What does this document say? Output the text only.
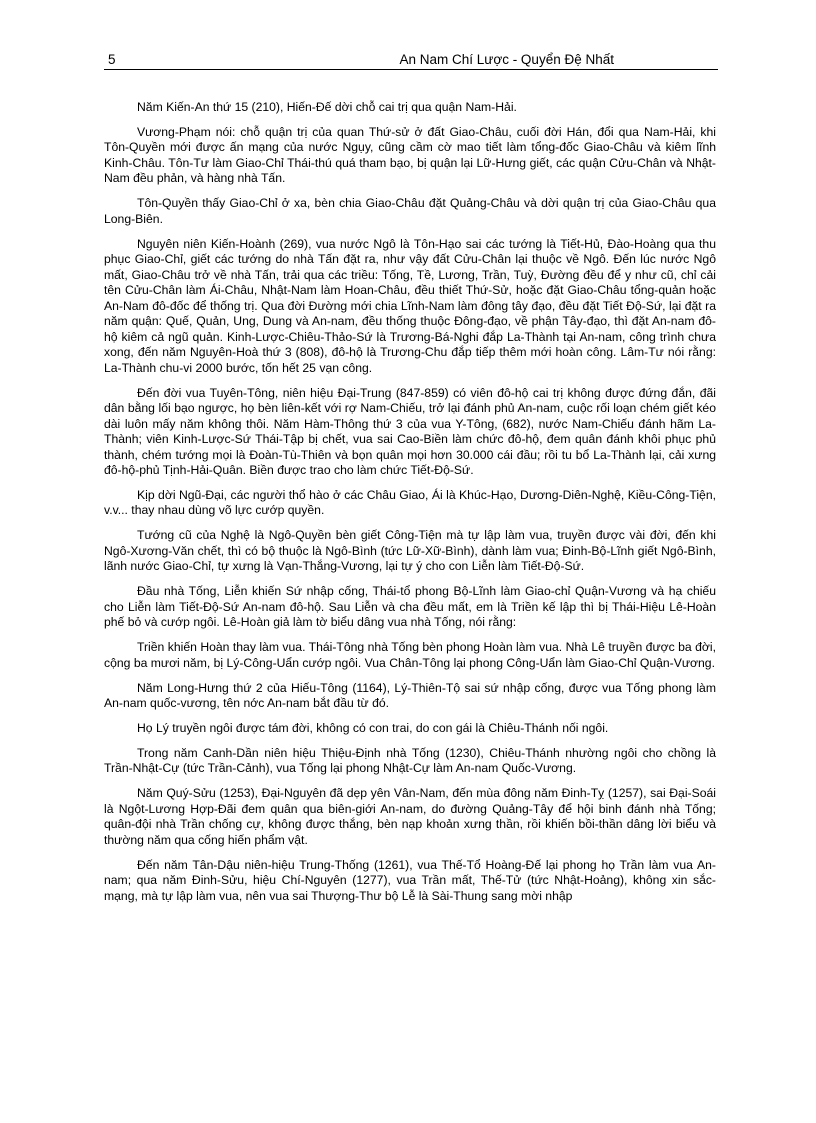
5	An Nam Chí Lược - Quyển Đệ Nhất

Năm Kiến-An thứ 15 (210), Hiến-Đế dời chỗ cai trị qua quận Nam-Hải.

Vương-Phạm nói: chỗ quận trị của quan Thứ-sử ở đất Giao-Châu, cuối đời Hán, đổi qua Nam-Hải, khi Tôn-Quyền mới được ấn mạng của nước Ngụy, cũng cầm cờ mao tiết làm tổng-đốc Giao-Châu và kiêm lĩnh Kinh-Châu. Tôn-Tư làm Giao-Chỉ Thái-thú quá tham bạo, bị quận lại Lữ-Hưng giết, các quận Cửu-Chân và Nhật-Nam đều phản, và hàng nhà Tấn.

Tôn-Quyền thấy Giao-Chỉ ở xa, bèn chia Giao-Châu đặt Quảng-Châu và dời quận trị của Giao-Châu qua Long-Biên.

Nguyên niên Kiến-Hoành (269), vua nước Ngô là Tôn-Hạo sai các tướng là Tiết-Hủ, Đào-Hoàng qua thu phục Giao-Chỉ, giết các tướng do nhà Tấn đặt ra, như vậy đất Cửu-Chân lại thuộc về Ngô. Đến lúc nước Ngô mất, Giao-Châu trở về nhà Tấn, trải qua các triều: Tống, Tề, Lương, Trần, Tuỳ, Đường đều để y như cũ, chỉ cải tên Cửu-Chân làm Ái-Châu, Nhật-Nam làm Hoan-Châu, đều thiết Thứ-Sử, hoặc đặt Giao-Châu tổng-quản hoặc An-Nam đô-đốc để thống trị. Qua đời Đường mới chia Lĩnh-Nam làm đông tây đạo, đều đặt Tiết Độ-Sứ, lại đặt ra năm quận: Quế, Quản, Ung, Dung và An-nam, đều thống thuộc Đông-đạo, về phận Tây-đạo, thì đặt An-nam đô-hộ kiêm cả ngũ quản. Kinh-Lược-Chiêu-Thảo-Sứ là Trương-Bá-Nghi đắp La-Thành tại An-nam, công trình chưa xong, đến năm Nguyên-Hoà thứ 3 (808), đô-hộ là Trương-Chu đắp tiếp thêm mới hoàn công. Lâm-Tư nói rằng: La-Thành chu-vi 2000 bước, tốn hết 25 vạn công.

Đến đời vua Tuyên-Tông, niên hiệu Đại-Trung (847-859) có viên đô-hộ cai trị không được đứng đắn, đãi dân bằng lối bạo ngược, họ bèn liên-kết với rợ Nam-Chiếu, trở lại đánh phủ An-nam, cuộc rối loạn chém giết kéo dài luôn mấy năm không thôi. Năm Hàm-Thông thứ 3 của vua Y-Tông, (682), nước Nam-Chiếu đánh hãm La-Thành; viên Kinh-Lược-Sứ Thái-Tập bị chết, vua sai Cao-Biền làm chức đô-hộ, đem quân đánh khôi phục phủ thành, chém tướng mọi là Đoàn-Tù-Thiên và bọn quân mọi hơn 30.000 cái đầu; rồi tu bổ La-Thành lại, cải xưng đô-hộ-phủ Tịnh-Hải-Quân. Biền được trao cho làm chức Tiết-Độ-Sứ.

Kịp dời Ngũ-Đại, các người thổ hào ở các Châu Giao, Ái là Khúc-Hạo, Dương-Diên-Nghệ, Kiều-Công-Tiện, v.v... thay nhau dùng võ lực cướp quyền.

Tướng cũ của Nghệ là Ngô-Quyền bèn giết Công-Tiện mà tự lập làm vua, truyền được vài đời, đến khi Ngô-Xương-Văn chết, thì có bộ thuộc là Ngô-Bình (tức Lữ-Xữ-Bình), dành làm vua; Đinh-Bộ-Lĩnh giết Ngô-Bình, lãnh nước Giao-Chỉ, tự xưng là Vạn-Thắng-Vương, lại tự ý cho con Liễn làm Tiết-Độ-Sứ.

Đầu nhà Tống, Liễn khiến Sứ nhập cống, Thái-tổ phong Bộ-Lĩnh làm Giao-chỉ Quận-Vương và hạ chiếu cho Liễn làm Tiết-Độ-Sứ An-nam đô-hộ. Sau Liễn và cha đều mất, em là Triền kế lập thì bị Thái-Hiệu Lê-Hoàn phế bỏ và cướp ngôi. Lê-Hoàn giả làm tờ biểu dâng vua nhà Tống, nói rằng:

Triền khiến Hoàn thay làm vua. Thái-Tông nhà Tống bèn phong Hoàn làm vua. Nhà Lê truyền được ba đời, cộng ba mươi năm, bị Lý-Công-Uẩn cướp ngôi. Vua Chân-Tông lại phong Công-Uẩn làm Giao-Chỉ Quận-Vương.

Năm Long-Hưng thứ 2 của Hiếu-Tông (1164), Lý-Thiên-Tộ sai sứ nhập cống, được vua Tống phong làm An-nam quốc-vương, tên nớc An-nam bắt đầu từ đó.

Họ Lý truyền ngôi được tám đời, không có con trai, do con gái là Chiêu-Thánh nối ngôi.

Trong năm Canh-Dần niên hiệu Thiệu-Định nhà Tống (1230), Chiêu-Thánh nhường ngôi cho chồng là Trần-Nhật-Cự (tức Trần-Cảnh), vua Tống lại phong Nhật-Cự làm An-nam Quốc-Vương.

Năm Quý-Sửu (1253), Đại-Nguyên đã dẹp yên Vân-Nam, đến mùa đông năm Đinh-Tỵ (1257), sai Đại-Soái là Ngột-Lương Hợp-Đãi đem quân qua biên-giới An-nam, do đường Quảng-Tây để hội binh đánh nhà Tống; quân-đội nhà Trần chống cự, không được thắng, bèn nạp khoản xưng thần, rồi khiến bồi-thần dâng lời biểu và thường năm qua cống hiến phẩm vật.

Đến năm Tân-Dậu niên-hiệu Trung-Thống (1261), vua Thế-Tổ Hoàng-Đế lại phong họ Trần làm vua An-nam; qua năm Đinh-Sửu, hiệu Chí-Nguyên (1277), vua Trần mất, Thế-Tử (tức Nhật-Hoảng), không xin sắc-mạng, mà tự lập làm vua, nên vua sai Thượng-Thư bộ Lễ là Sài-Thung sang mời nhập
